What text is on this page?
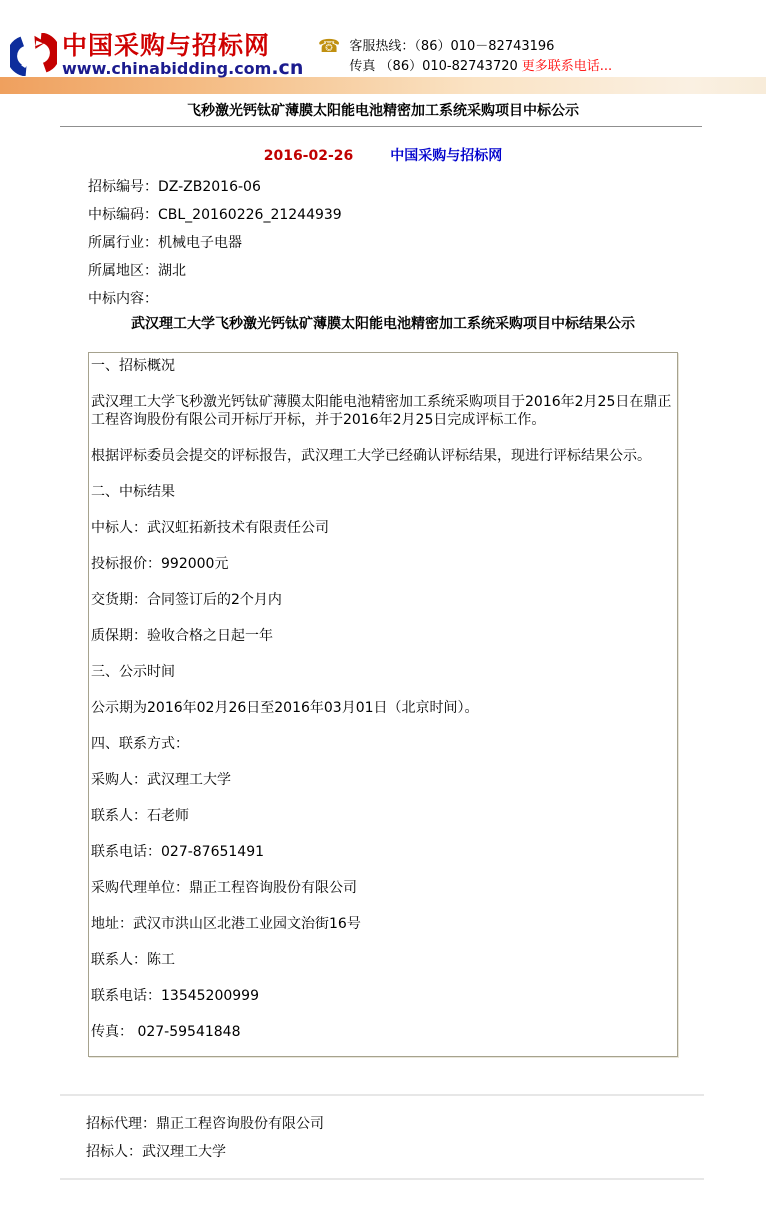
中国采购与招标网
www.chinabidding.com.cn
☎ 客服热线：（86）010－82743196
传真 （86）010-82743720 更多联系电话...
飞秒激光钙钛矿薄膜太阳能电池精密加工系统采购项目中标公示
2016-02-26	中国采购与招标网
招标编号：DZ-ZB2016-06
中标编码：CBL_20160226_21244939
所属行业：机械电子电器
所属地区：湖北
中标内容：
武汉理工大学飞秒激光钙钛矿薄膜太阳能电池精密加工系统采购项目中标结果公示

一、招标概况

武汉理工大学飞秒激光钙钛矿薄膜太阳能电池精密加工系统采购项目于2016年2月25日在鼎正工程咨询股份有限公司开标厅开标，并于2016年2月25日完成评标工作。

根据评标委员会提交的评标报告，武汉理工大学已经确认评标结果，现进行评标结果公示。

二、中标结果

中标人：武汉虹拓新技术有限责任公司

投标报价：992000元

交货期：合同签订后的2个月内

质保期：验收合格之日起一年

三、公示时间

公示期为2016年02月26日至2016年03月01日（北京时间）。

四、联系方式：

采购人：武汉理工大学

联系人：石老师

联系电话：027-87651491

采购代理单位：鼎正工程咨询股份有限公司

地址：武汉市洪山区北港工业园文治街16号

联系人：陈工

联系电话：13545200999

传真： 027-59541848

招标代理：鼎正工程咨询股份有限公司
招标人：武汉理工大学
